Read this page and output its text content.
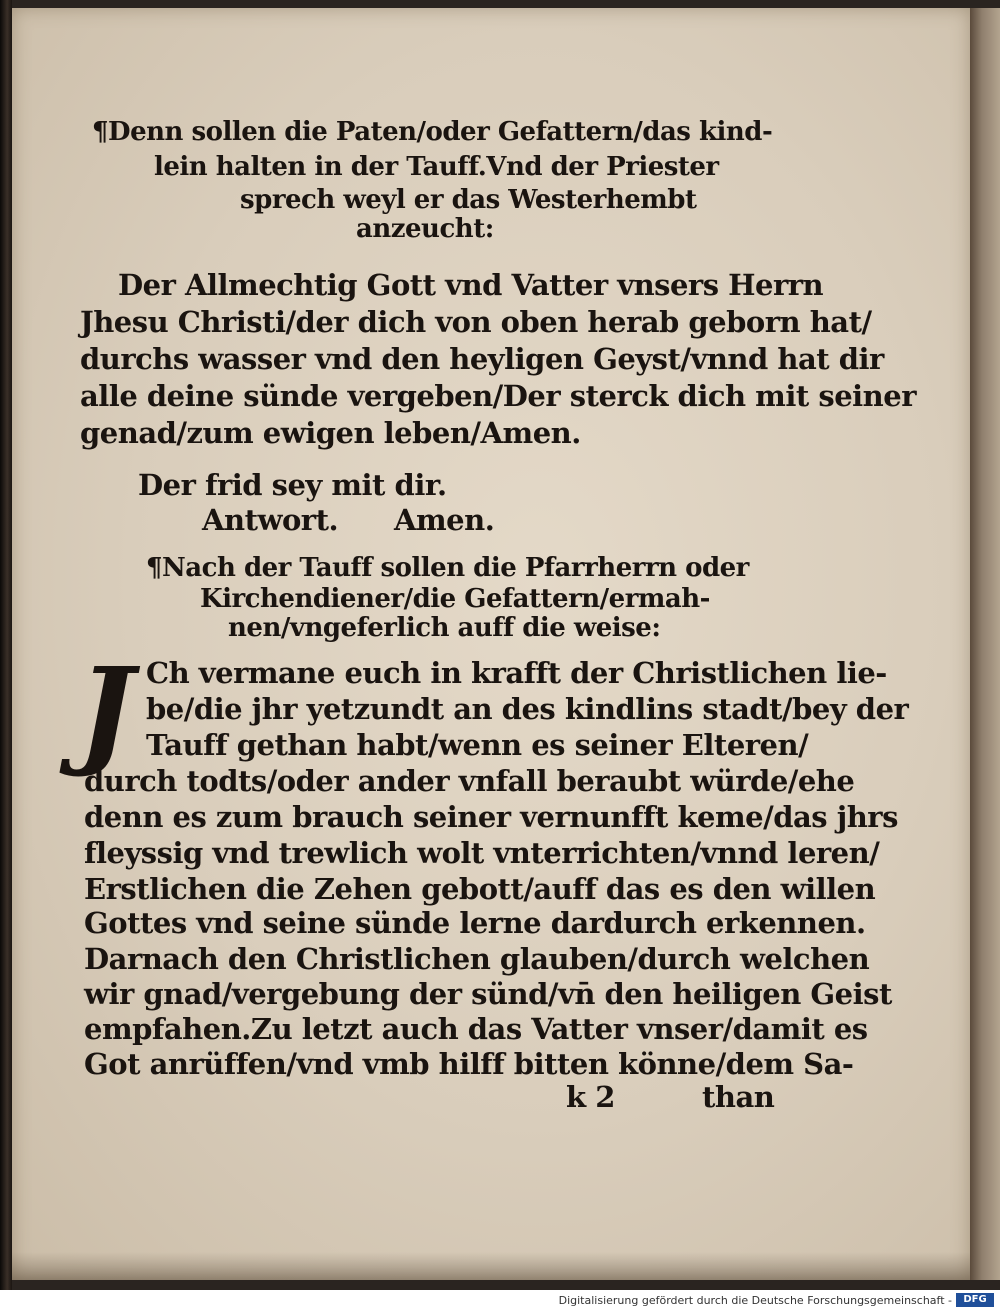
¶Denn sollen die Paten/oder Gefattern/das kind-
lein halten in der Tauff.Vnd der Priester
sprech weyl er das Westerhembt
anzeucht:
Der Allmechtig Gott vnd Vatter vnsers Herrn
Jhesu Christi/der dich von oben herab geborn hat/
durchs wasser vnd den heyligen Geyst/vnnd hat dir
alle deine sünde vergeben/Der sterck dich mit seiner
genad/zum ewigen leben/Amen.
Der frid sey mit dir.
Antwort. Amen.
¶Nach der Tauff sollen die Pfarrherrn oder
Kirchendiener/die Gefattern/ermah-
nen/vngeferlich auff die weise:
J Ch vermane euch in krafft der Christlichen lie-
be/die jhr yetzundt an des kindlins stadt/bey der
Tauff gethan habt/wenn es seiner Elteren/
durch todts/oder ander vnfall beraubt würde/ehe
denn es zum brauch seiner vernunfft keme/das jhrs
fleyssig vnd trewlich wolt vnterrichten/vnnd leren/
Erstlichen die Zehen gebott/auff das es den willen
Gottes vnd seine sünde lerne dardurch erkennen.
Darnach den Christlichen glauben/durch welchen
wir gnad/vergebung der sünd/vn̄ den heiligen Geist
empfahen.Zu letzt auch das Vatter vnser/damit es
Got anrüffen/vnd vmb hilff bitten könne/dem Sa-
k 2	than
Digitalisierung gefördert durch die Deutsche Forschungsgemeinschaft -	DFG
